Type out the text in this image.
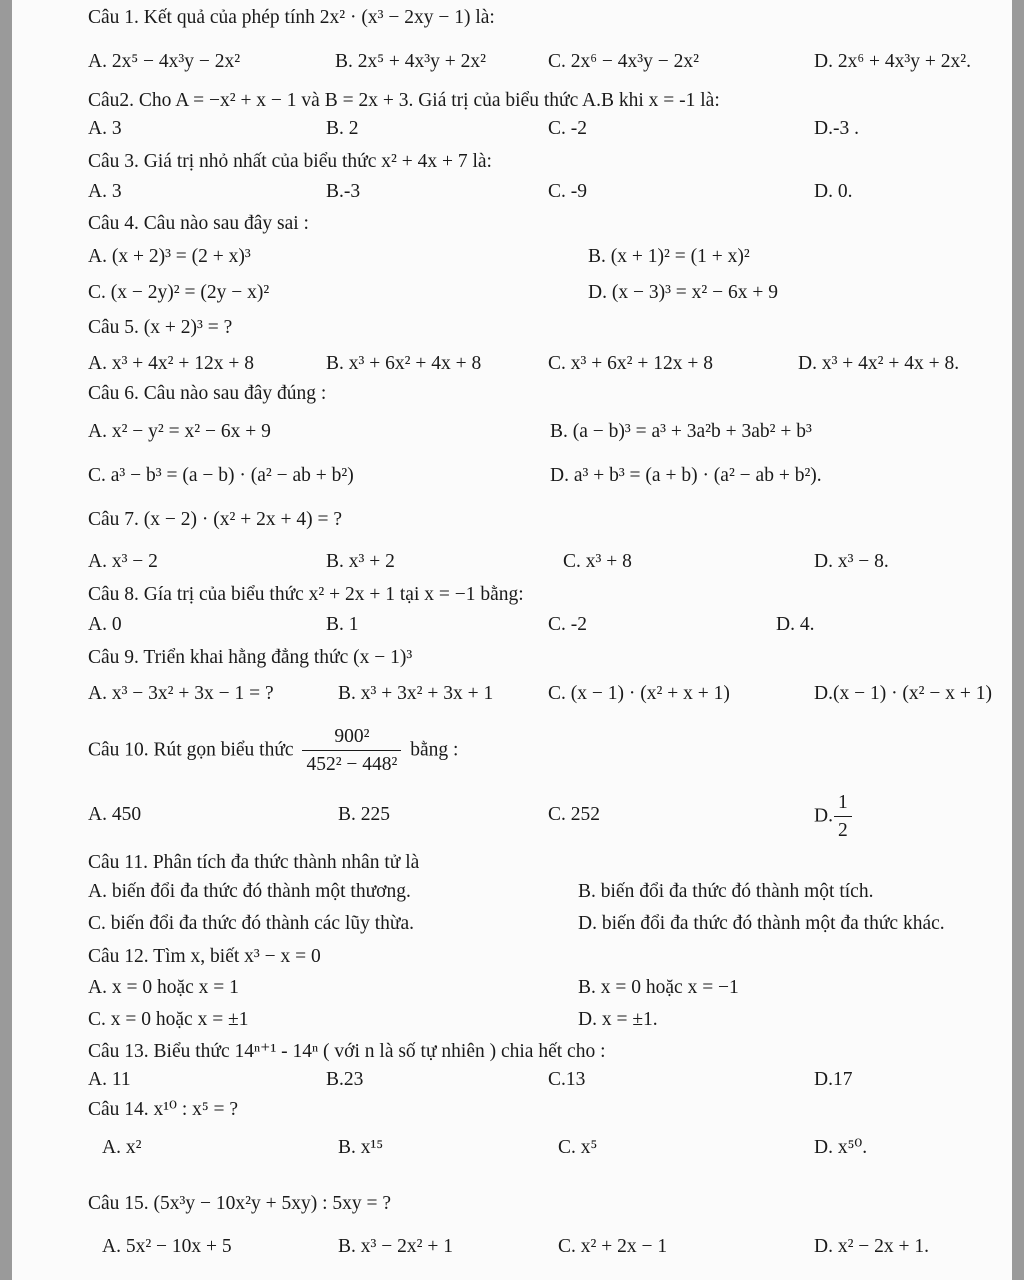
Câu 1. Kết quả của phép tính 2x² · (x³ − 2xy − 1) là:
A. 2x⁵ − 4x³y − 2x²	B. 2x⁵ + 4x³y + 2x²	C. 2x⁶ − 4x³y − 2x²	D. 2x⁶ + 4x³y + 2x².
Câu2. Cho A = −x² + x − 1 và B = 2x + 3. Giá trị của biểu thức A.B khi x = -1 là:
A. 3	B. 2	C. -2	D.-3 .
Câu 3. Giá trị nhỏ nhất của biểu thức x² + 4x + 7 là:
A. 3	B.-3	C. -9	D. 0.
Câu 4. Câu nào sau đây sai :
A. (x + 2)³ = (2 + x)³	B. (x + 1)² = (1 + x)²
C. (x − 2y)² = (2y − x)²	D. (x − 3)³ = x² − 6x + 9
Câu 5. (x + 2)³ = ?
A. x³ + 4x² + 12x + 8	B. x³ + 6x² + 4x + 8	C. x³ + 6x² + 12x + 8	D. x³ + 4x² + 4x + 8.
Câu 6. Câu nào sau đây đúng :
A. x² − y² = x² − 6x + 9	B. (a − b)³ = a³ + 3a²b + 3ab² + b³
C. a³ − b³ = (a − b) · (a² − ab + b²)	D. a³ + b³ = (a + b) · (a² − ab + b²).
Câu 7. (x − 2) · (x² + 2x + 4) = ?
A. x³ − 2	B. x³ + 2	C. x³ + 8	D. x³ − 8.
Câu 8. Gía trị của biểu thức x² + 2x + 1 tại x = −1 bằng:
A. 0	B. 1	C. -2	D. 4.
Câu 9. Triển khai hằng đẳng thức (x − 1)³
A. x³ − 3x² + 3x − 1 = ?	B. x³ + 3x² + 3x + 1	C. (x − 1) · (x² + x + 1)	D.(x − 1) · (x² − x + 1)
Câu 10. Rút gọn biểu thức $\frac{\text{900²}}{\text{452² − 448²}}$ bằng :
A. 450	B. 225	C. 252	D. $\frac{1}{2}$
Câu 11. Phân tích đa thức thành nhân tử là
A. biến đổi đa thức đó thành một thương.	B. biến đổi đa thức đó thành một tích.
C. biến đổi đa thức đó thành các lũy thừa.	D. biến đổi đa thức đó thành một đa thức khác.
Câu 12. Tìm x, biết x³ − x = 0
A. x = 0 hoặc x = 1	B. x = 0 hoặc x = −1
C. x = 0 hoặc x = ±1	D. x = ±1.
Câu 13. Biểu thức 14ⁿ⁺¹ - 14ⁿ ( với n là số tự nhiên ) chia hết cho :
A. 11	B.23	C.13	D.17
Câu 14. x¹⁰ : x⁵ = ?
A. x²	B. x¹⁵	C. x⁵	D. x⁵⁰.
Câu 15. (5x³y − 10x²y + 5xy) : 5xy = ?
A. 5x² − 10x + 5	B. x³ − 2x² + 1	C. x² + 2x − 1	D. x² − 2x + 1.
